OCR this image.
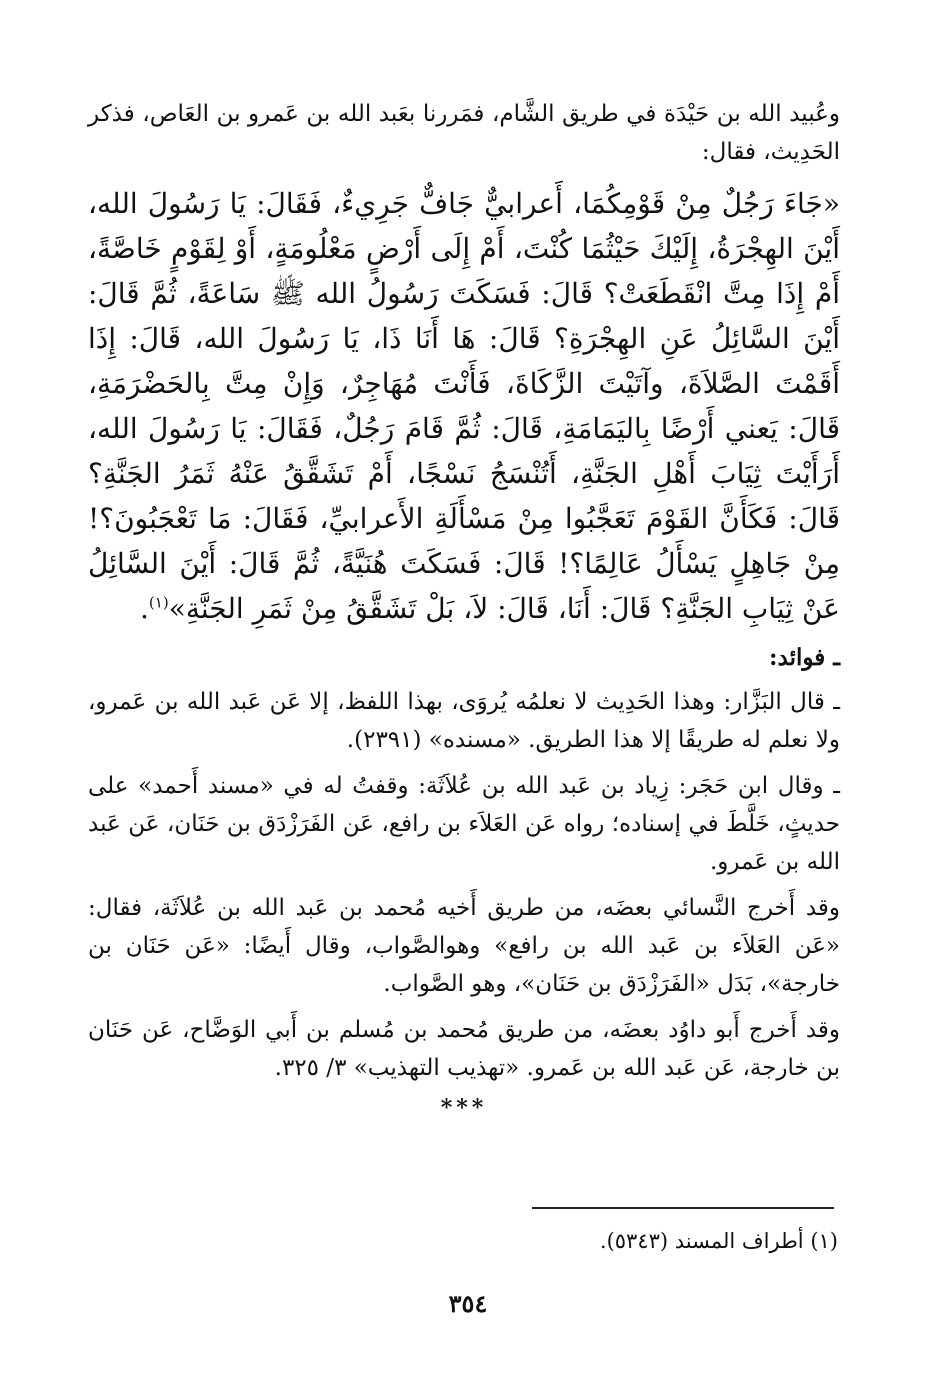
وعُبيد الله بن حَيْدَة في طريق الشَّام، فمَررنا بعَبد الله بن عَمرو بن العَاص، فذكر الحَدِيث، فقال:

«جَاءَ رَجُلٌ مِنْ قَوْمِكُمَا، أَعرابيٌّ جَافٌّ جَرِيءٌ، فَقَالَ: يَا رَسُولَ الله، أَيْنَ الهِجْرَةُ، إِلَيْكَ حَيْثُمَا كُنْتَ، أَمْ إِلَى أَرْضٍ مَعْلُومَةٍ، أَوْ لِقَوْمٍ خَاصَّةً، أَمْ إِذَا مِتَّ انْقَطَعَتْ؟ قَالَ: فَسَكَتَ رَسُولُ الله ﷺ سَاعَةً، ثُمَّ قَالَ: أَيْنَ السَّائِلُ عَنِ الهِجْرَةِ؟ قَالَ: هَا أَنَا ذَا، يَا رَسُولَ الله، قَالَ: إِذَا أَقَمْتَ الصَّلاَةَ، وآتَيْتَ الزَّكَاةَ، فَأَنْتَ مُهَاجِرٌ، وَإِنْ مِتَّ بِالحَضْرَمَةِ، قَالَ: يَعني أَرْضًا بِاليَمَامَةِ، قَالَ: ثُمَّ قَامَ رَجُلٌ، فَقَالَ: يَا رَسُولَ الله، أَرَأَيْتَ ثِيَابَ أَهْلِ الجَنَّةِ، أَتُنْسَجُ نَسْجًا، أَمْ تَشَقَّقُ عَنْهُ ثَمَرُ الجَنَّةِ؟ قَالَ: فَكَأَنَّ القَوْمَ تَعَجَّبُوا مِنْ مَسْأَلَةِ الأَعرابيِّ، فَقَالَ: مَا تَعْجَبُونَ؟! مِنْ جَاهِلٍ يَسْأَلُ عَالِمًا؟! قَالَ: فَسَكَتَ هُنَيَّةً، ثُمَّ قَالَ: أَيْنَ السَّائِلُ عَنْ ثِيَابِ الجَنَّةِ؟ قَالَ: أَنَا، قَالَ: لاَ، بَلْ تَشَقَّقُ مِنْ ثَمَرِ الجَنَّةِ»$^{(١)}$.

ـ فوائد:

ـ قال البَزَّار: وهذا الحَدِيث لا نعلمُه يُروَى، بهذا اللفظ، إلا عَن عَبد الله بن عَمرو، ولا نعلم له طريقًا إلا هذا الطريق. «مسنده» (٢٣٩١).

ـ وقال ابن حَجَر: زِياد بن عَبد الله بن عُلاَثَة: وقفتُ له في «مسند أَحمد» على حديثٍ، خَلَّطَ في إسناده؛ رواه عَن العَلاَء بن رافع، عَن الفَرَزْدَق بن حَنَان، عَن عَبد الله بن عَمرو.

وقد أَخرج النَّسائي بعضَه، من طريق أَخيه مُحمد بن عَبد الله بن عُلاَثَة، فقال: «عَن العَلاَء بن عَبد الله بن رافع» وهوالصَّواب، وقال أَيضًا: «عَن حَنَان بن خارجة»، بَدَل «الفَرَزْدَق بن حَنَان»، وهو الصَّواب.

وقد أَخرج أَبو داوُد بعضَه، من طريق مُحمد بن مُسلم بن أَبي الوَضَّاح، عَن حَنَان بن خارجة، عَن عَبد الله بن عَمرو. «تهذيب التهذيب» ٣/ ٣٢٥.

***
(١) أطراف المسند (٥٣٤٣).
٣٥٤
